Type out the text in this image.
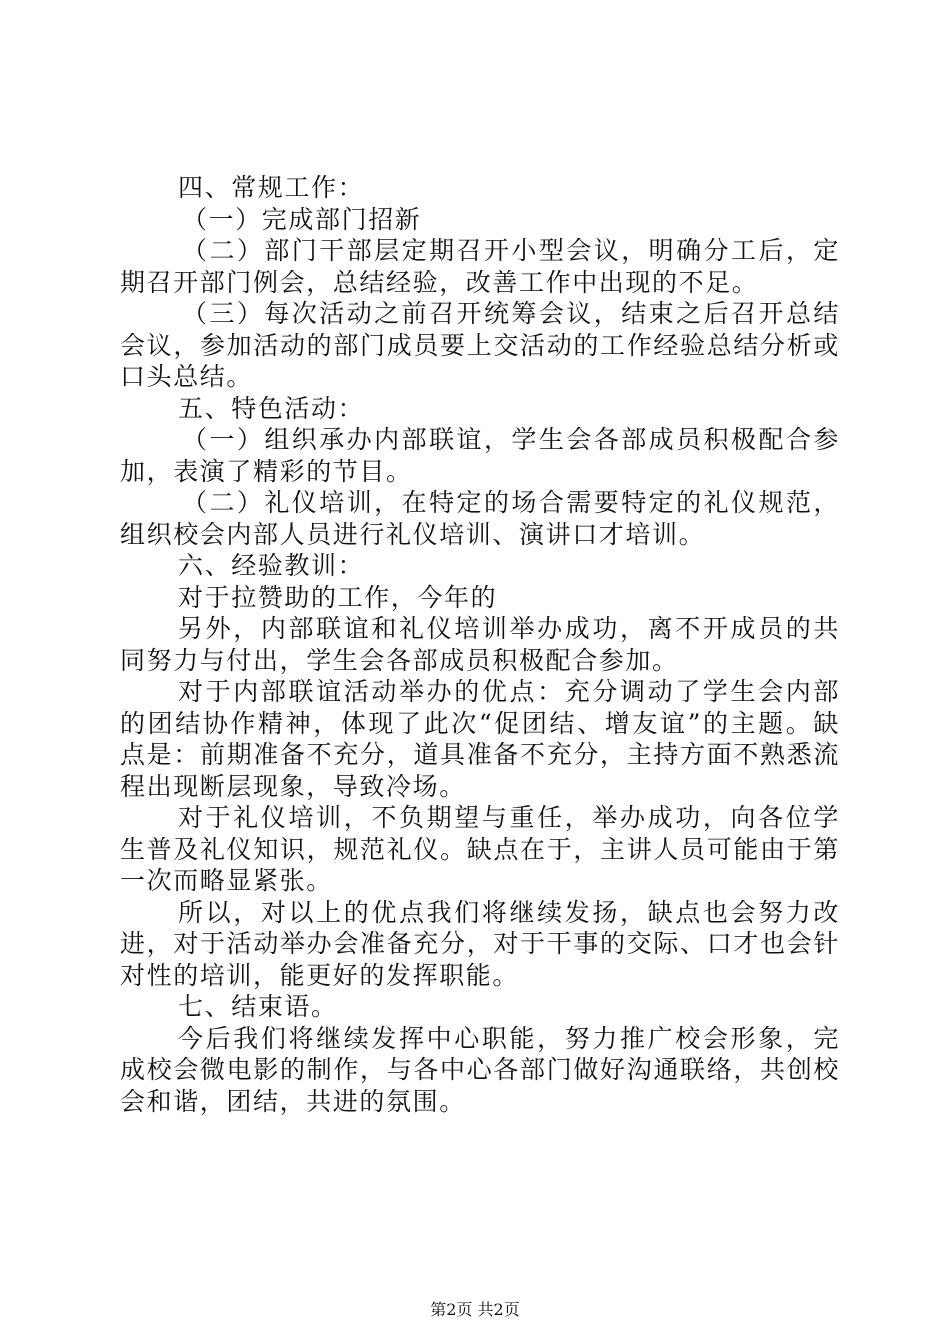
四、常规工作：

（一）完成部门招新

（二）部门干部层定期召开小型会议，明确分工后，定期召开部门例会，总结经验，改善工作中出现的不足。

（三）每次活动之前召开统筹会议，结束之后召开总结会议，参加活动的部门成员要上交活动的工作经验总结分析或口头总结。

五、特色活动：

（一）组织承办内部联谊，学生会各部成员积极配合参加，表演了精彩的节目。

（二）礼仪培训，在特定的场合需要特定的礼仪规范，组织校会内部人员进行礼仪培训、演讲口才培训。

六、经验教训：

对于拉赞助的工作，今年的

另外，内部联谊和礼仪培训举办成功，离不开成员的共同努力与付出，学生会各部成员积极配合参加。

对于内部联谊活动举办的优点：充分调动了学生会内部的团结协作精神，体现了此次“促团结、增友谊”的主题。缺点是：前期准备不充分，道具准备不充分，主持方面不熟悉流程出现断层现象，导致冷场。

对于礼仪培训，不负期望与重任，举办成功，向各位学生普及礼仪知识，规范礼仪。缺点在于，主讲人员可能由于第一次而略显紧张。

所以，对以上的优点我们将继续发扬，缺点也会努力改进，对于活动举办会准备充分，对于干事的交际、口才也会针对性的培训，能更好的发挥职能。

七、结束语。

今后我们将继续发挥中心职能，努力推广校会形象，完成校会微电影的制作，与各中心各部门做好沟通联络，共创校会和谐，团结，共进的氛围。

第2页 共2页
